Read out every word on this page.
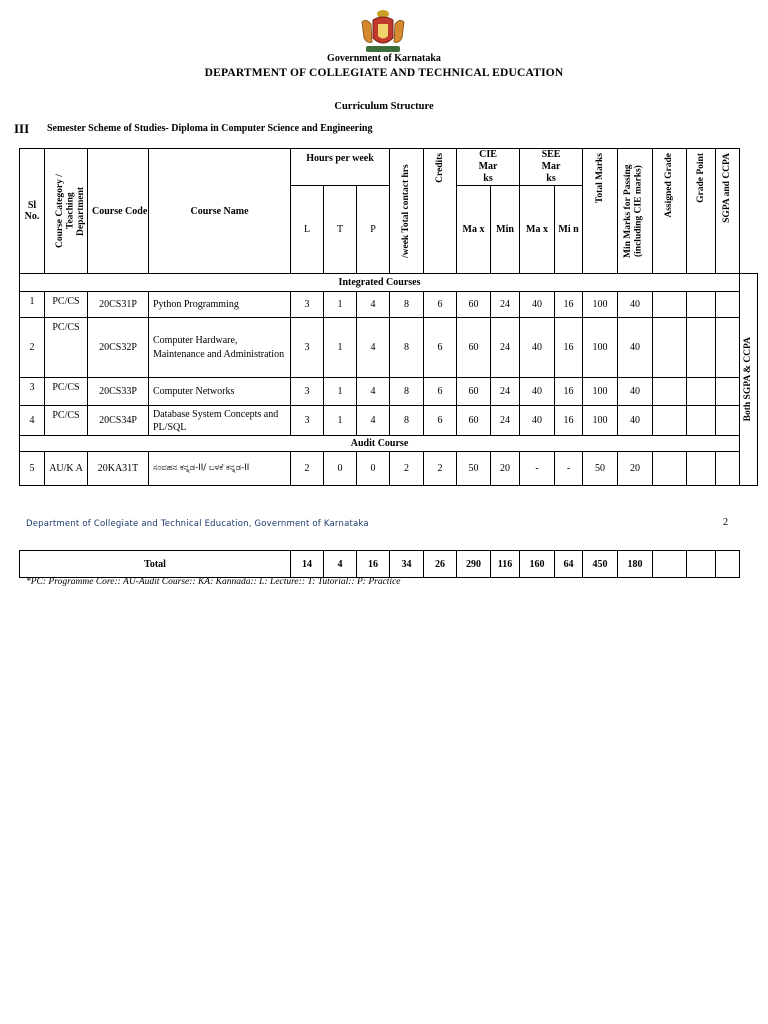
Government of Karnataka
DEPARTMENT OF COLLEGIATE AND TECHNICAL EDUCATION
Curriculum Structure
III Semester Scheme of Studies- Diploma in Computer Science and Engineering
Sl No.	Course Category / Teaching Department	Course Code	Course Name	Hours per week			/week Total contact hrs	Credits	CIE
Mar
ks		SEE
Mar
ks		Total Marks	Min Marks for Passing (including CIE marks)	Assigned Grade	Grade Point	SGPA and CCPA	

				L	T	P			Ma x	Min	Ma x	Mi n						
Integrated Courses																		Both SGPA & CCPA

1	PC/CS	20CS31P	Python Programming	3	1	4	8	6	60	24	40	16	100	40				
2	PC/CS	20CS32P	Computer Hardware, Maintenance and Administration	3	1	4	8	6	60	24	40	16	100	40				
3	PC/CS	20CS33P	Computer Networks	3	1	4	8	6	60	24	40	16	100	40				
4	PC/CS	20CS34P	Database System Concepts and PL/SQL	3	1	4	8	6	60	24	40	16	100	40				
Audit Course																		
5	AU/K A	20KA31T	ಸಂವಹನ ಕನ್ನಡ-II/ ಬಳಕೆ ಕನ್ನಡ-II	2	0	0	2	2	50	20	-	-	50	20				
Department of Collegiate and Technical Education, Government of Karnataka	2
Total	14	4	16	34	26	290	116	160	64	450	180			
*PC: Programme Core:: AU-Audit Course:: KA: Kannada:: L: Lecture:: T: Tutorial:: P: Practice
